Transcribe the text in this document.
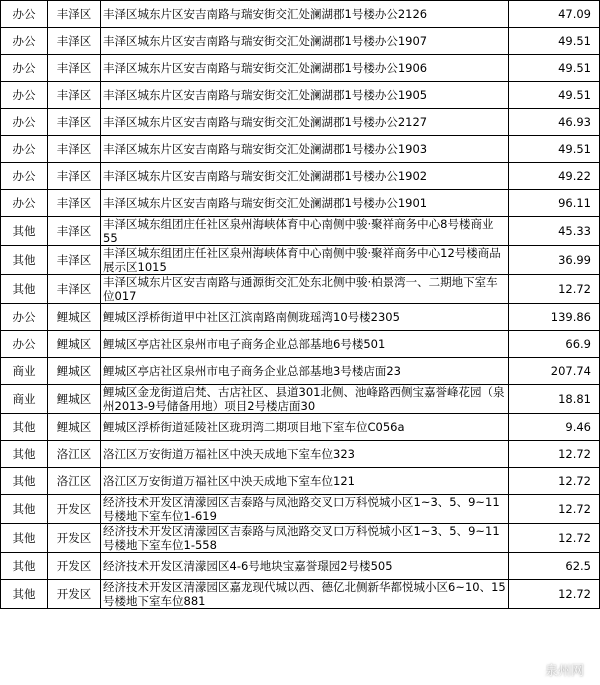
办公	丰泽区	丰泽区城东片区安吉南路与瑞安街交汇处澜湖郡1号楼办公2126	47.09
办公	丰泽区	丰泽区城东片区安吉南路与瑞安街交汇处澜湖郡1号楼办公1907	49.51
办公	丰泽区	丰泽区城东片区安吉南路与瑞安街交汇处澜湖郡1号楼办公1906	49.51
办公	丰泽区	丰泽区城东片区安吉南路与瑞安街交汇处澜湖郡1号楼办公1905	49.51
办公	丰泽区	丰泽区城东片区安吉南路与瑞安街交汇处澜湖郡1号楼办公2127	46.93
办公	丰泽区	丰泽区城东片区安吉南路与瑞安街交汇处澜湖郡1号楼办公1903	49.51
办公	丰泽区	丰泽区城东片区安吉南路与瑞安街交汇处澜湖郡1号楼办公1902	49.22
办公	丰泽区	丰泽区城东片区安吉南路与瑞安街交汇处澜湖郡1号楼办公1901	96.11
其他	丰泽区	丰泽区城东组团庄任社区泉州海峡体育中心南侧中骏·聚祥商务中心8号楼商业55	45.33
其他	丰泽区	丰泽区城东组团庄任社区泉州海峡体育中心南侧中骏·聚祥商务中心12号楼商品展示区1015	36.99
其他	丰泽区	丰泽区城东片区安吉南路与通源街交汇处东北侧中骏·柏景湾一、二期地下室车位017	12.72
办公	鲤城区	鲤城区浮桥街道甲中社区江滨南路南侧珑瑶湾10号楼2305	139.86
办公	鲤城区	鲤城区亭店社区泉州市电子商务企业总部基地6号楼501	66.9
商业	鲤城区	鲤城区亭店社区泉州市电子商务企业总部基地3号楼店面23	207.74
商业	鲤城区	鲤城区金龙街道启梵、古店社区、县道301北侧、池峰路西侧宝嘉誉峰花园（泉州2013-9号储备用地）项目2号楼店面30	18.81
其他	鲤城区	鲤城区浮桥街道延陵社区珑玥湾二期项目地下室车位C056a	9.46
其他	洛江区	洛江区万安街道万福社区中泱天成地下室车位323	12.72
其他	洛江区	洛江区万安街道万福社区中泱天成地下室车位121	12.72
其他	开发区	经济技术开发区清濛园区吉泰路与凤池路交叉口万科悦城小区1~3、5、9~11号楼地下室车位1-619	12.72
其他	开发区	经济技术开发区清濛园区吉泰路与凤池路交叉口万科悦城小区1~3、5、9~11号楼地下室车位1-558	12.72
其他	开发区	经济技术开发区清濛园区4-6号地块宝嘉誉璟园2号楼505	62.5
其他	开发区	经济技术开发区清濛园区嘉龙现代城以西、德亿北侧新华都悦城小区6~10、15号楼地下室车位881	12.72
泉州网
